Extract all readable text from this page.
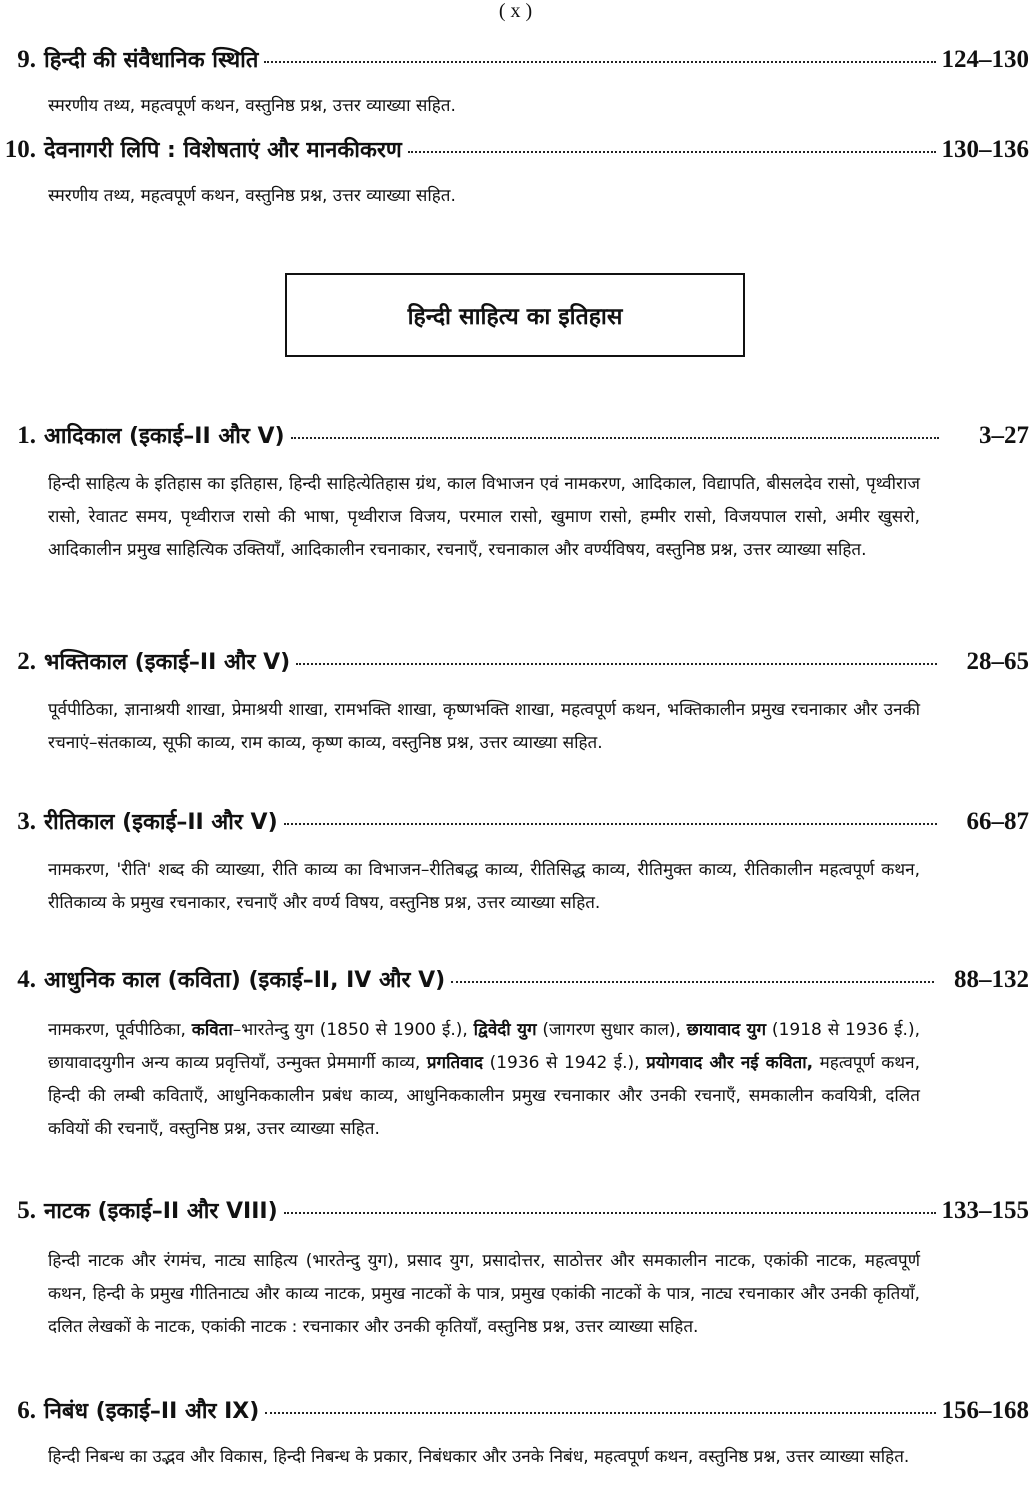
( x )
9. हिन्दी की संवैधानिक स्थिति	124–130
स्मरणीय तथ्य, महत्वपूर्ण कथन, वस्तुनिष्ठ प्रश्न, उत्तर व्याख्या सहित.
10. देवनागरी लिपि : विशेषताएं और मानकीकरण	130–136
स्मरणीय तथ्य, महत्वपूर्ण कथन, वस्तुनिष्ठ प्रश्न, उत्तर व्याख्या सहित.
हिन्दी साहित्य का इतिहास
1. आदिकाल (इकाई–II और V)	3–27
हिन्दी साहित्य के इतिहास का इतिहास, हिन्दी साहित्येतिहास ग्रंथ, काल विभाजन एवं नामकरण, आदिकाल, विद्यापति, बीसलदेव रासो, पृथ्वीराज रासो, रेवातट समय, पृथ्वीराज रासो की भाषा, पृथ्वीराज विजय, परमाल रासो, खुमाण रासो, हम्मीर रासो, विजयपाल रासो, अमीर खुसरो, आदिकालीन प्रमुख साहित्यिक उक्तियाँ, आदिकालीन रचनाकार, रचनाएँ, रचनाकाल और वर्ण्यविषय, वस्तुनिष्ठ प्रश्न, उत्तर व्याख्या सहित.
2. भक्तिकाल (इकाई–II और V)	28–65
पूर्वपीठिका, ज्ञानाश्रयी शाखा, प्रेमाश्रयी शाखा, रामभक्ति शाखा, कृष्णभक्ति शाखा, महत्वपूर्ण कथन, भक्तिकालीन प्रमुख रचनाकार और उनकी रचनाएं–संतकाव्य, सूफी काव्य, राम काव्य, कृष्ण काव्य, वस्तुनिष्ठ प्रश्न, उत्तर व्याख्या सहित.
3. रीतिकाल (इकाई–II और V)	66–87
नामकरण, 'रीति' शब्द की व्याख्या, रीति काव्य का विभाजन–रीतिबद्ध काव्य, रीतिसिद्ध काव्य, रीतिमुक्त काव्य, रीतिकालीन महत्वपूर्ण कथन, रीतिकाव्य के प्रमुख रचनाकार, रचनाएँ और वर्ण्य विषय, वस्तुनिष्ठ प्रश्न, उत्तर व्याख्या सहित.
4. आधुनिक काल (कविता) (इकाई–II, IV और V)	88–132
नामकरण, पूर्वपीठिका, कविता–भारतेन्दु युग (1850 से 1900 ई.), द्विवेदी युग (जागरण सुधार काल), छायावाद युग (1918 से 1936 ई.), छायावादयुगीन अन्य काव्य प्रवृत्तियाँ, उन्मुक्त प्रेममार्गी काव्य, प्रगतिवाद (1936 से 1942 ई.), प्रयोगवाद और नई कविता, महत्वपूर्ण कथन, हिन्दी की लम्बी कविताएँ, आधुनिककालीन प्रबंध काव्य, आधुनिककालीन प्रमुख रचनाकार और उनकी रचनाएँ, समकालीन कवयित्री, दलित कवियों की रचनाएँ, वस्तुनिष्ठ प्रश्न, उत्तर व्याख्या सहित.
5. नाटक (इकाई–II और VIII)	133–155
हिन्दी नाटक और रंगमंच, नाट्य साहित्य (भारतेन्दु युग), प्रसाद युग, प्रसादोत्तर, साठोत्तर और समकालीन नाटक, एकांकी नाटक, महत्वपूर्ण कथन, हिन्दी के प्रमुख गीतिनाट्य और काव्य नाटक, प्रमुख नाटकों के पात्र, प्रमुख एकांकी नाटकों के पात्र, नाट्य रचनाकार और उनकी कृतियाँ, दलित लेखकों के नाटक, एकांकी नाटक : रचनाकार और उनकी कृतियाँ, वस्तुनिष्ठ प्रश्न, उत्तर व्याख्या सहित.
6. निबंध (इकाई–II और IX)	156–168
हिन्दी निबन्ध का उद्भव और विकास, हिन्दी निबन्ध के प्रकार, निबंधकार और उनके निबंध, महत्वपूर्ण कथन, वस्तुनिष्ठ प्रश्न, उत्तर व्याख्या सहित.
